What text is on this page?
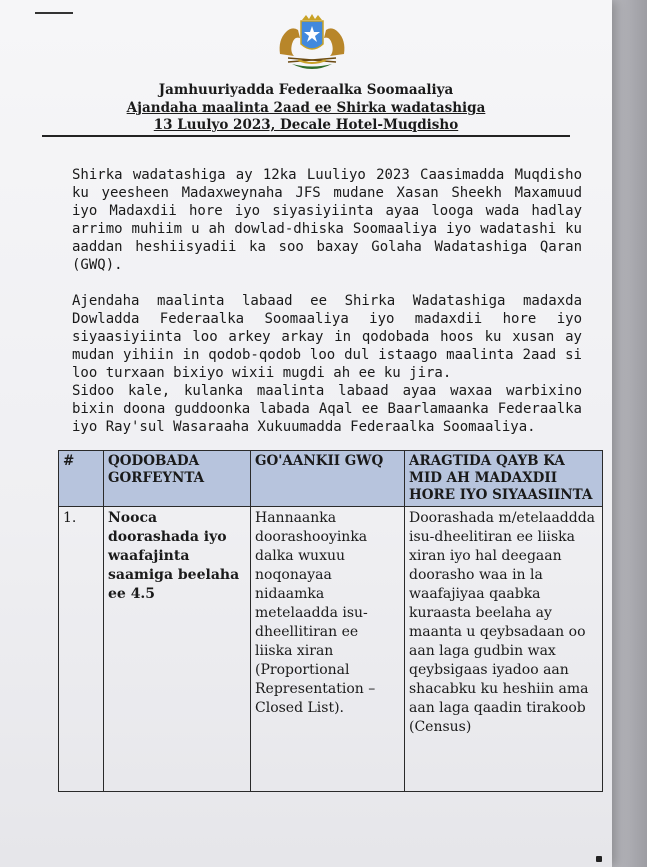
Jamhuuriyadda Federaalka Soomaaliya
Ajandaha maalinta 2aad ee Shirka wadatashiga
13 Luulyo 2023, Decale Hotel-Muqdisho
Shirka wadatashiga ay 12ka Luuliyo 2023 Caasimadda Muqdisho ku yeesheen Madaxweynaha JFS mudane Xasan Sheekh Maxamuud iyo Madaxdii hore iyo siyasiyiinta ayaa looga wada hadlay arrimo muhiim u ah dowlad-dhiska Soomaaliya iyo wadatashi ku aaddan heshiisyadii ka soo baxay Golaha Wadatashiga Qaran (GWQ).
Ajendaha maalinta labaad ee Shirka Wadatashiga madaxda Dowladda Federaalka Soomaaliya iyo madaxdii hore iyo siyaasiyiinta loo arkey arkay in qodobada hoos ku xusan ay mudan yihiin in qodob-qodob loo dul istaago maalinta 2aad si loo turxaan bixiyo wixii mugdi ah ee ku jira.
Sidoo kale, kulanka maalinta labaad ayaa waxaa warbixino bixin doona guddoonka labada Aqal ee Baarlamaanka Federaalka iyo Ray'sul Wasaraaha Xukuumadda Federaalka Soomaaliya.
#	QODOBADA GORFEYNTA	GO'AANKII GWQ	ARAGTIDA QAYB KA MID AH MADAXDII HORE IYO SIYAASIINTA
1.	Nooca doorashada iyo waafajinta saamiga beelaha ee 4.5	Hannaanka doorashooyinka dalka wuxuu noqonayaa nidaamka metelaadda isu-dheellitiran ee liiska xiran (Proportional Representation – Closed List).	Doorashada m/etelaaddda isu-dheelitiran ee liiska xiran iyo hal deegaan doorasho waa in la waafajiyaa qaabka kuraasta beelaha ay maanta u qeybsadaan oo aan laga gudbin wax qeybsigaas iyadoo aan shacabku ku heshiin ama aan laga qaadin tirakoob (Census)
